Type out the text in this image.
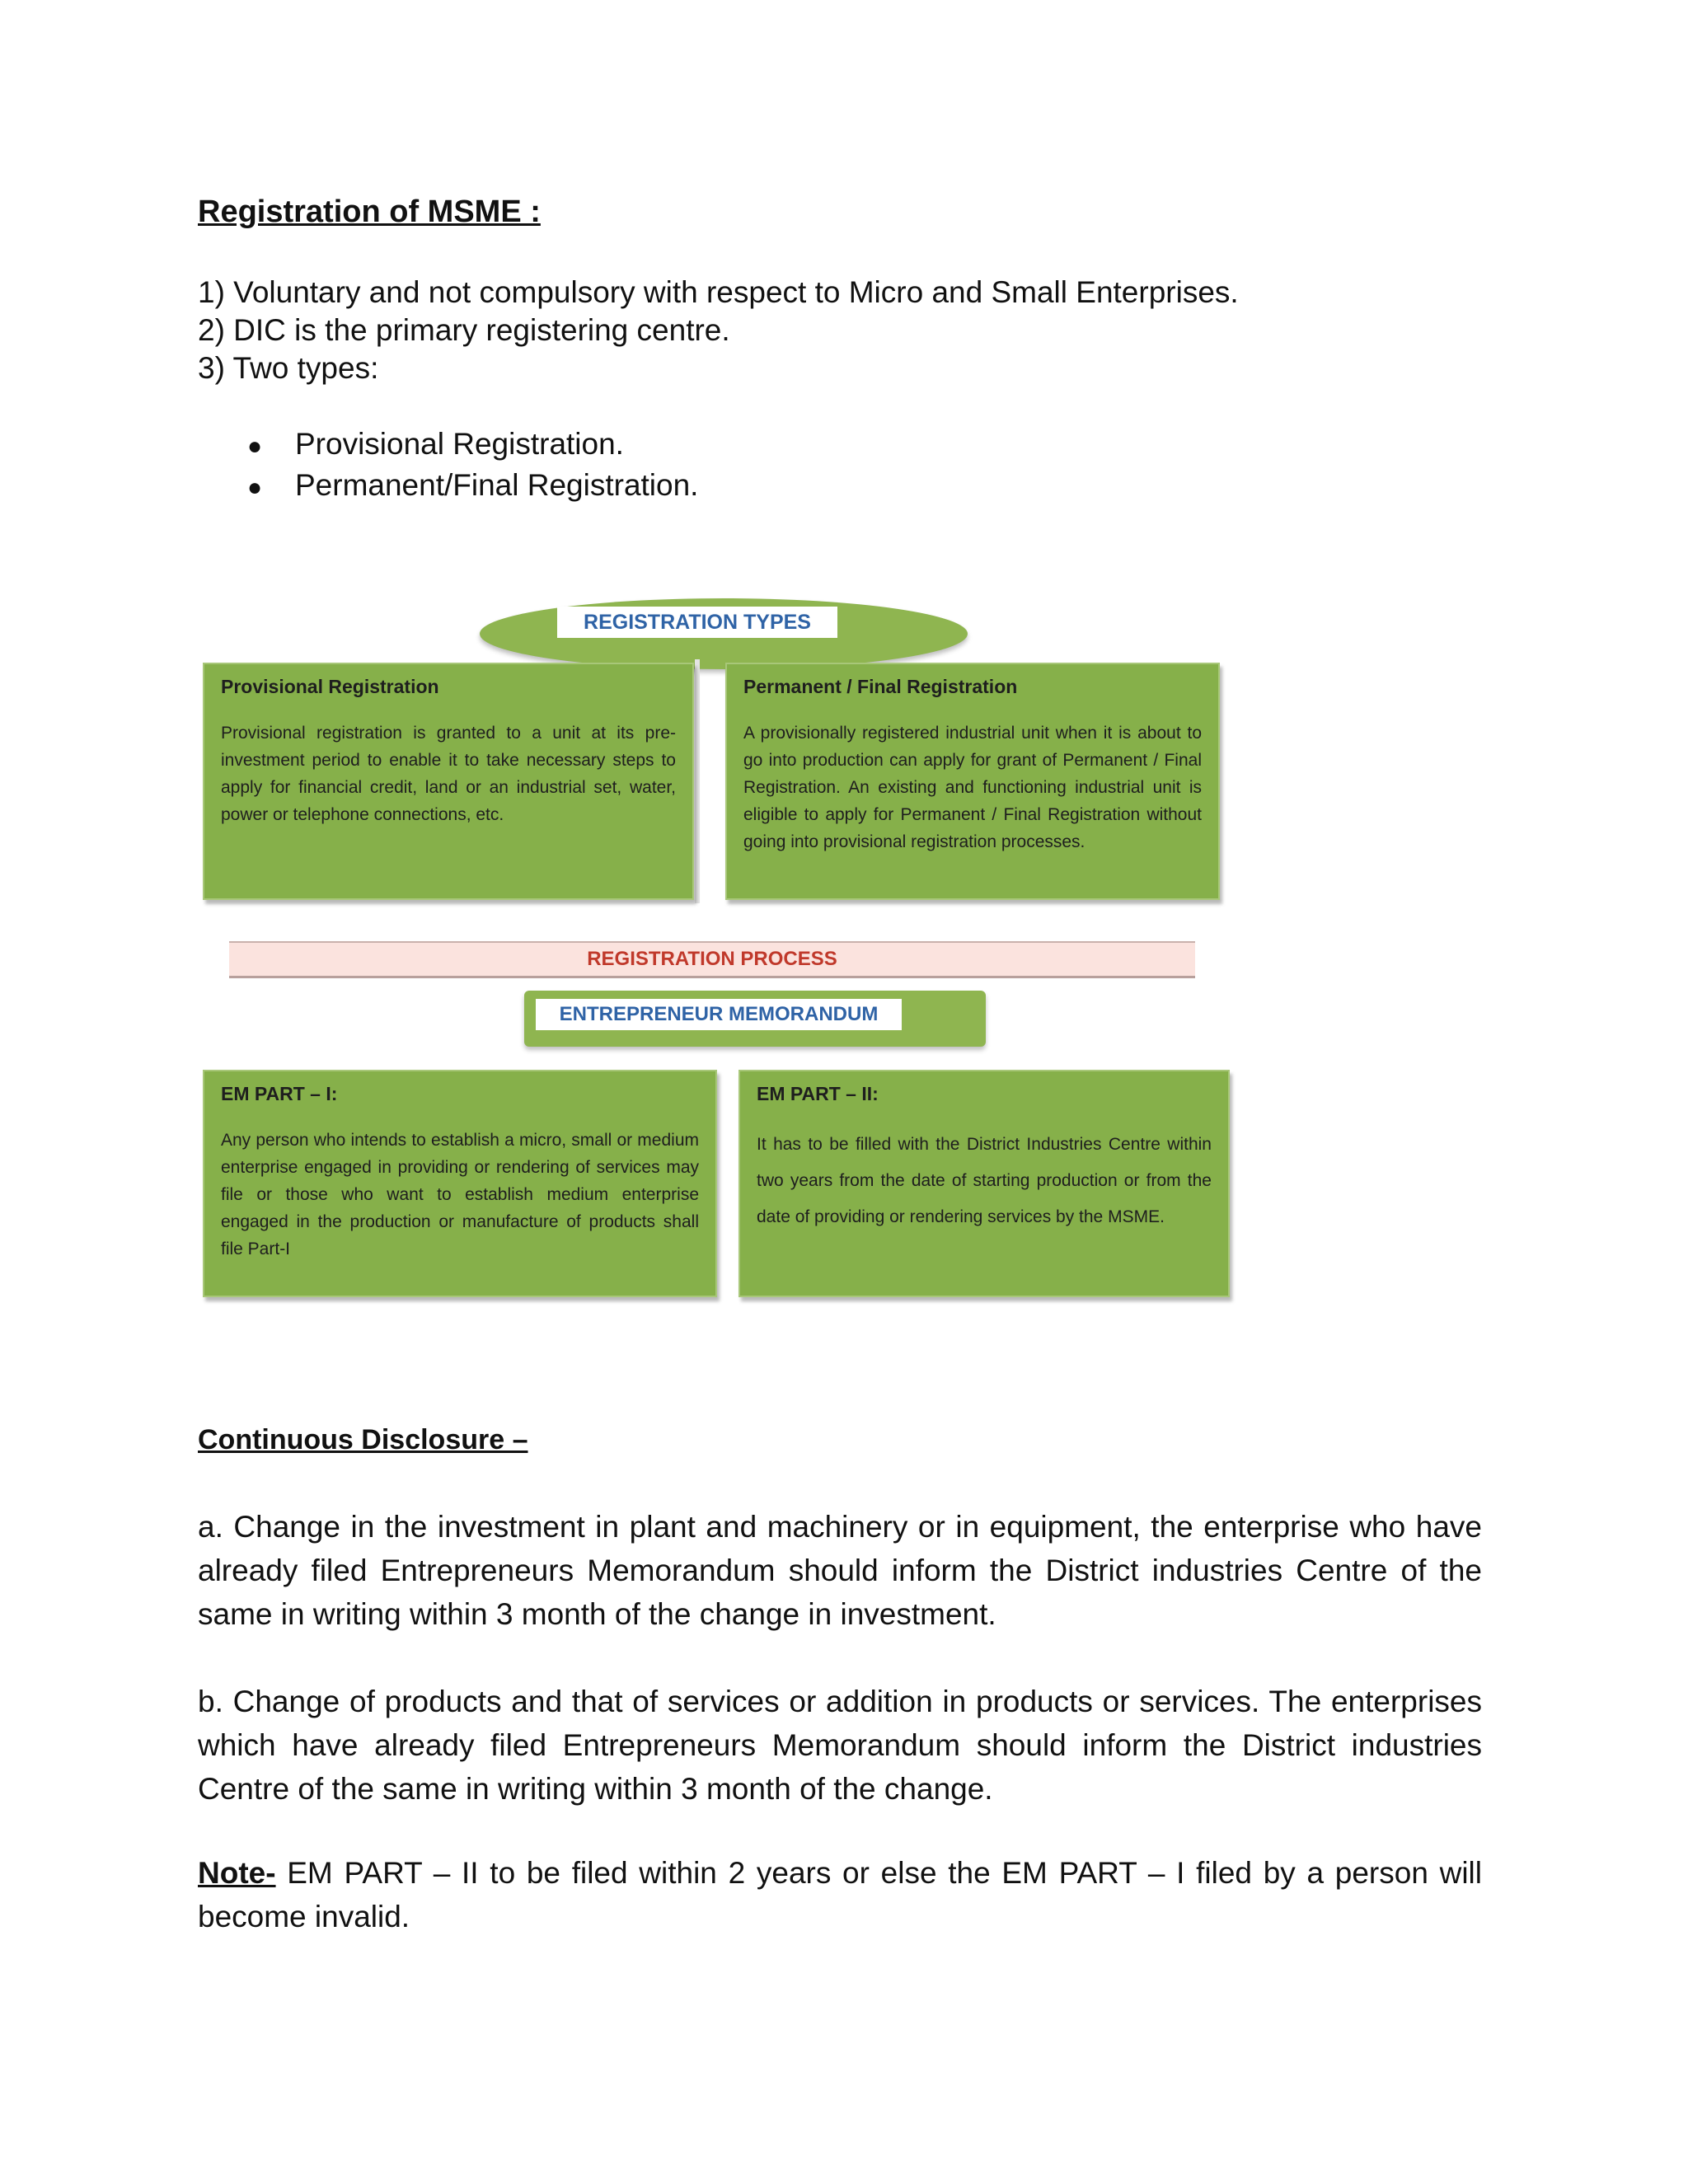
Registration of MSME :
1) Voluntary and not compulsory with respect to Micro and Small Enterprises.
2) DIC is the primary registering centre.
3) Two types:
● Provisional Registration.
● Permanent/Final Registration.
REGISTRATION TYPES
Provisional Registration
Provisional registration is granted to a unit at its pre- investment period to enable it to take necessary steps to apply for financial credit, land or an industrial set, water, power or telephone connections, etc.
Permanent / Final Registration
A provisionally registered industrial unit when it is about to go into production can apply for grant of Permanent / Final Registration. An existing and functioning industrial unit is eligible to apply for Permanent / Final Registration without going into provisional registration processes.
REGISTRATION PROCESS
ENTREPRENEUR MEMORANDUM
EM PART – I:
Any person who intends to establish a micro, small or medium enterprise engaged in providing or rendering of services may file or those who want to establish medium enterprise engaged in the production or manufacture of products shall file Part-I
EM PART – II:
It has to be filled with the District Industries Centre within two years from the date of starting production or from the date of providing or rendering services by the MSME.
Continuous Disclosure –
a. Change in the investment in plant and machinery or in equipment, the enterprise who have already filed Entrepreneurs Memorandum should inform the District industries Centre of the same in writing within 3 month of the change in investment.
b. Change of products and that of services or addition in products or services. The enterprises which have already filed Entrepreneurs Memorandum should inform the District industries Centre of the same in writing within 3 month of the change.
Note- EM PART – II to be filed within 2 years or else the EM PART – I filed by a person will become invalid.
